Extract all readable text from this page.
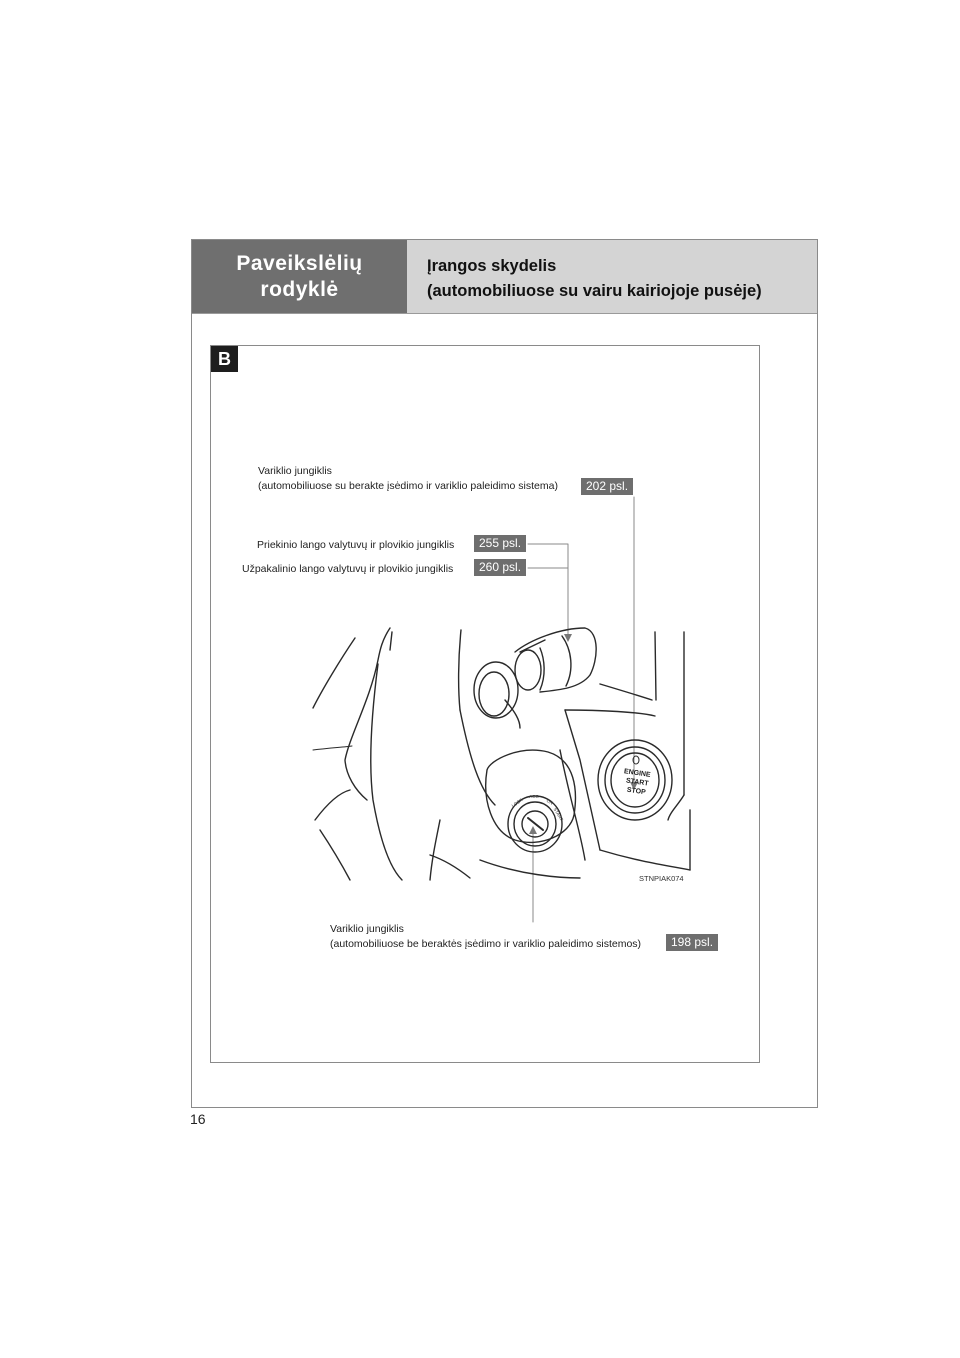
Paveikslėlių
rodyklė
Įrangos skydelis
(automobiliuose su vairu kairiojoje pusėje)
B
Variklio jungiklis
(automobiliuose su berakte įsėdimo ir variklio paleidimo sistema)	202 psl.
Priekinio lango valytuvų ir plovikio jungiklis	255 psl.
Užpakalinio lango valytuvų ir plovikio jungiklis	260 psl.
ENGINE
START
STOP
LOCK
ACC
ON
START
STNPIAK074
Variklio jungiklis
(automobiliuose be beraktės įsėdimo ir variklio paleidimo sistemos)	198 psl.
16
